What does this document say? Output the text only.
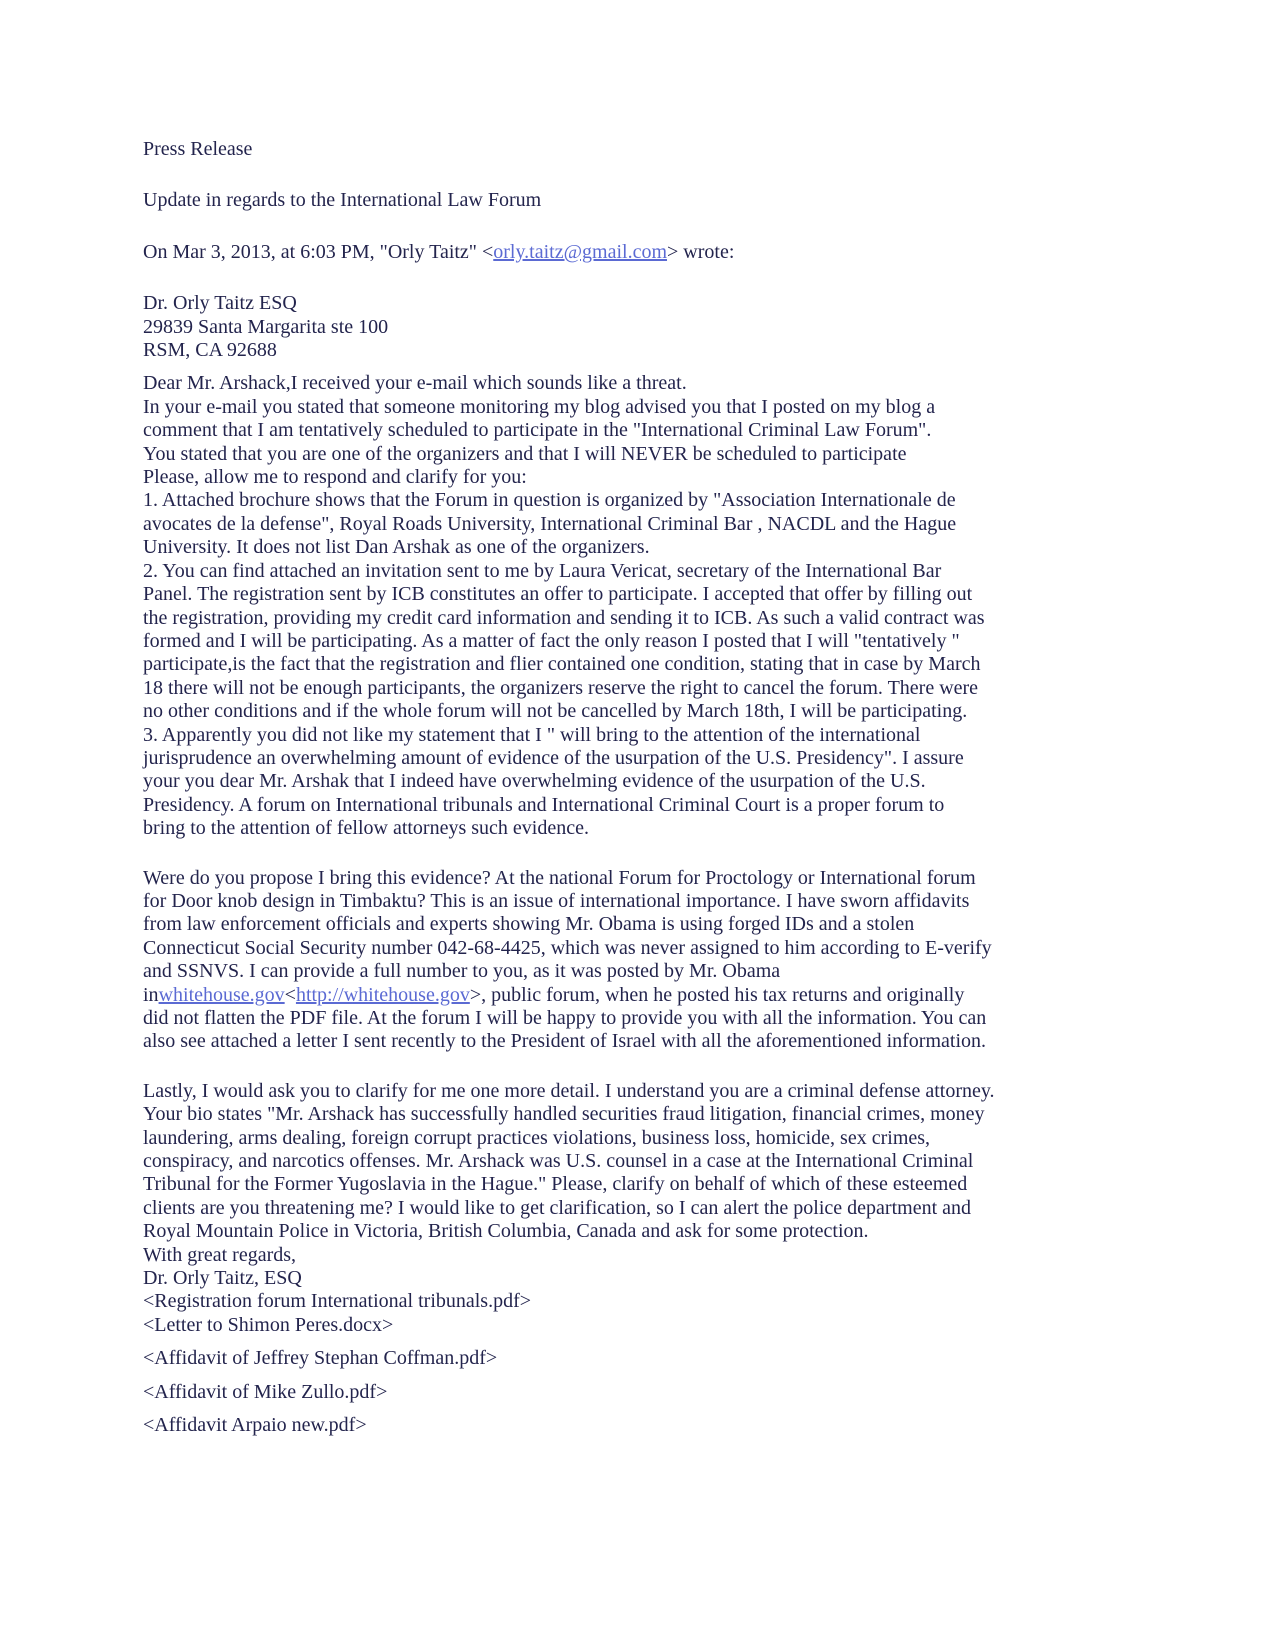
Press Release
Update in regards to the International Law Forum
On Mar 3, 2013, at 6:03 PM, "Orly Taitz" <orly.taitz@gmail.com> wrote:
Dr. Orly Taitz ESQ
29839 Santa Margarita ste 100
RSM, CA 92688
Dear Mr. Arshack,I received your e-mail which sounds like a threat.
In your e-mail you stated that someone monitoring my blog advised you that I posted on my blog a
comment that I am tentatively scheduled to participate in the "International Criminal Law Forum".
You stated that you are one of the organizers and that I will NEVER be scheduled to participate
Please, allow me to respond and clarify for you:
1. Attached brochure shows that the Forum in question is organized by "Association Internationale de
avocates de la defense", Royal Roads University, International Criminal Bar , NACDL and the Hague
University. It does not list Dan Arshak as one of the organizers.
2. You can find attached an invitation sent to me by Laura Vericat, secretary of the International Bar
Panel. The registration sent by ICB constitutes an offer to participate. I accepted that offer by filling out
the registration, providing my credit card information and sending it to ICB. As such a valid contract was
formed and I will be participating. As a matter of fact the only reason I posted that I will "tentatively "
participate,is the fact that the registration and flier contained one condition, stating that in case by March
18 there will not be enough participants, the organizers reserve the right to cancel the forum. There were
no other conditions and if the whole forum will not be cancelled by March 18th, I will be participating.
3. Apparently you did not like my statement that I " will bring to the attention of the international
jurisprudence an overwhelming amount of evidence of the usurpation of the U.S. Presidency". I assure
your you dear Mr. Arshak that I indeed have overwhelming evidence of the usurpation of the U.S.
Presidency. A forum on International tribunals and International Criminal Court is a proper forum to
bring to the attention of fellow attorneys such evidence.
Were do you propose I bring this evidence? At the national Forum for Proctology or International forum
for Door knob design in Timbaktu? This is an issue of international importance. I have sworn affidavits
from law enforcement officials and experts showing Mr. Obama is using forged IDs and a stolen
Connecticut Social Security number 042-68-4425, which was never assigned to him according to E-verify
and SSNVS. I can provide a full number to you, as it was posted by Mr. Obama
inwhitehouse.gov<http://whitehouse.gov>, public forum, when he posted his tax returns and originally
did not flatten the PDF file. At the forum I will be happy to provide you with all the information. You can
also see attached a letter I sent recently to the President of Israel with all the aforementioned information.
Lastly, I would ask you to clarify for me one more detail. I understand you are a criminal defense attorney.
Your bio states "Mr. Arshack has successfully handled securities fraud litigation, financial crimes, money
laundering, arms dealing, foreign corrupt practices violations, business loss, homicide, sex crimes,
conspiracy, and narcotics offenses. Mr. Arshack was U.S. counsel in a case at the International Criminal
Tribunal for the Former Yugoslavia in the Hague." Please, clarify on behalf of which of these esteemed
clients are you threatening me? I would like to get clarification, so I can alert the police department and
Royal Mountain Police in Victoria, British Columbia, Canada and ask for some protection.
With great regards,
Dr. Orly Taitz, ESQ
<Registration forum International tribunals.pdf>
<Letter to Shimon Peres.docx>
<Affidavit of Jeffrey Stephan Coffman.pdf>
<Affidavit of Mike Zullo.pdf>
<Affidavit Arpaio new.pdf>
